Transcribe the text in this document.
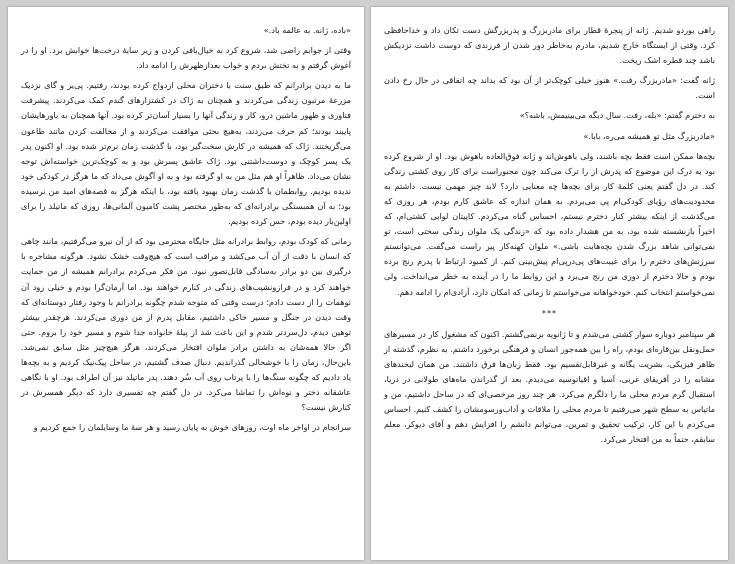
راهی بوردو شدیم. ژانه از پنجرهٔ قطار برای مادربزرگ و پدربزرگش دست تکان داد و خداحافظی کرد. وقتی از ایستگاه خارج شدیم، مادرم به‌خاطر دور شدن از فرزندی که دوست داشت نزدیکش باشد چند قطره اشک ریخت.

ژانه گفت: «مادربزرگ رفت.» هنوز خیلی کوچک‌تر از آن بود که بداند چه اتفاقی در حال رخ دادن است.

به دخترم گفتم: «بله، رفت. سال دیگه می‌بینیمش، باشه؟»

«مادربزرگ مثل تو همیشه می‌ره، بابا.»

بچه‌ها ممکن است فقط بچه باشند، ولی باهوش‌اند و ژانه فوق‌العاده باهوش بود. او از شروع کرده بود به درک این موضوع که پدرش از را ترک می‌کند چون مجبوراست برای کار روی کشتی زندگی کند. در دل گفتم یعنی کلمهٔ کار برای بچه‌ها چه معنایی دارد؟ لابد چیز مهمی نیست. داشتم به محدودیت‌های رؤیای کودکی‌ام پی می‌بردم. به همان اندازه که عاشق کارم بودم، هر روزی که می‌گذشت از اینکه بیشتر کنار دخترم نیستم، احساس گناه می‌کردم. کاپیتان لوایی کشتی‌ام، که اخیراً بازنشسته شده بود، به من هشدار داده بود که «زندگی یک ملوان زندگی سختی است، تو نمی‌توانی شاهد بزرگ شدن بچه‌هایت باشی.» ملوان کهنه‌کار پیر راست می‌گفت. می‌توانستم سرزنش‌های دخترم را برای غیبت‌های پی‌درپی‌ام پیش‌بینی کنم. از کمبود ارتباط با پدرم رنج برده بودم و حالا دخترم از دوری من رنج می‌برد و این روابط ما را در آینده به خطر می‌انداخت. ولی نمی‌خواستم انتخاب کنم. خودخواهانه می‌خواستم تا زمانی که امکان دارد، آزادی‌ام را ادامه دهم.

***

هر سپتامبر دوباره سوار کشتی می‌شدم و تا ژانویه برنمی‌گشتم. اکنون که مشغول کار در مسیرهای حمل‌ونقل بین‌قاره‌ای بودم، راه را بین همه‌جور انسان و فرهنگی برخورد داشتم. به نظرم، گذشته از ظاهر فیزیکی، بشریت یگانه و غیرقابل‌تقسیم بود. فقط زبان‌ها فرق داشتند. من همان لبخندهای مشابه را در آفریقای غربی، آسیا و اقیانوسیه می‌دیدم. بعد از گذراندن ماه‌های طولانی در دریا، استقبال گرم مردم محلی ما را دلگرم می‌کرد. هر چند روز مرخصی‌ای که در ساحل داشتیم، من و ماتیاس به سطح شهر می‌رفتیم تا مردم محلی را ملاقات و آداب‌ورسومشان را کشف کنیم. احساس می‌کردم با این کار، ترکیب تحقیق و تمرین، می‌توانم دانشم را افزایش دهم و آقای دیوکر، معلم سابقم، حتماً به من افتخار می‌کرد.

«باده، ژانه. به عالمه باد.»

وقتی از جوابم راضی شد، شروع کرد به خیال‌بافی کردن و زیر سایهٔ درخت‌ها خوابش برد. او را در آغوش گرفتم و به تختش بردم و خواب بعدازظهرش را ادامه داد.

ما به دیدن برادرانم که طبق سنت با دختران محلی ازدواج کرده بودند، رفتیم. پی‌یر و گای نزدیک مزرعهٔ مرتبون زندگی می‌کردند و همچنان به ژاک در کشتزارهای گندم کمک می‌کردند. پیشرفت فناوری و ظهور ماشین درو، کار و زندگی آنها را بسیار آسان‌تر کرده بود. آنها همچنان به باورهایشان پایبند بودند؛ کم حرف می‌زدند، به‌هیچ بحثی موافقت می‌کردند و از مخالفت کردن مانند طاعون می‌گریختند. ژاک که همیشه در کارش سخت‌گیر بود، با گذشت زمان نرم‌تر شده بود. او اکنون پدر یک پسر کوچک و دوست‌داشتنی بود. ژاک عاشق پسرش بود و به کوچک‌ترین خواسته‌اش توجه نشان می‌داد. ظاهراً او هم مثل من به او گرفته بود و به او آگوش می‌داد که ما هرگز در کودکی خود ندیده بودیم. روابطمان با گذشت زمان بهبود یافته بود، با اینکه هرگز به قصه‌های امید من نرسیده بود؛ به آن همبستگی برادرانه‌ای که به‌طور مختصر پشت کامیون آلمانی‌ها، روزی که ماتیلد را برای اولین‌بار دیده بودم، حس کرده بودیم.

زمانی که کودک بودم، روابط برادرانه مثل جایگاه محترمی بود که از آن نیرو می‌گرفتیم، مانند چاهی که انسان با دقت از آن آب می‌کشد و مراقب است که هیچ‌وقت خشک نشود. هرگونه مشاجره با درگیری بین دو برادر به‌سادگی قابل‌تصور نبود. من فکر می‌کردم برادرانم همیشه از من حمایت خواهند کرد و در فرازونشیب‌های زندگی در کنارم خواهند بود. اما آرمان‌گرا بودم و خیلی زود آن توهمات را از دست دادم؛ درست وقتی که متوجه شدم چگونه برادرانم با وجود رفتار دوستانه‌ای که وقت دیدن در جنگل و مسیر خاکی داشتیم، مقابل پدرم از من دوری می‌کردند. هرچقدر بیشتر توهین دیدم، دل‌سردتر شدم و این باعث شد از پیلهٔ خانواده جدا شوم و مسیر خود را بروم. حتی اگر حالا همه‌شان به داشتن برادر ملوان افتخار می‌کردند، هرگز هیچ‌چیز مثل سابق نمی‌شد. باین‌حال، زمان را با خوشحالی گذراندیم. دنبال صدف گشتیم، در ساحل پیک‌نیک کردیم و به بچه‌ها یاد دادیم که چگونه سنگ‌ها را با پرتاب روی آب سُر دهند. پدر ماتیلد نیز آن اطراف بود. او با نگاهی عاشقانه دختر و نوه‌اش را تماشا می‌کرد. در دل گفتم چه تفسیری دارد که دیگر همسرش در کنارش نیست؟

سرانجام در اواخر ماه اوت، روزهای خوش به پایان رسید و هر سهٔ ما وسایلمان را جمع کردیم و
